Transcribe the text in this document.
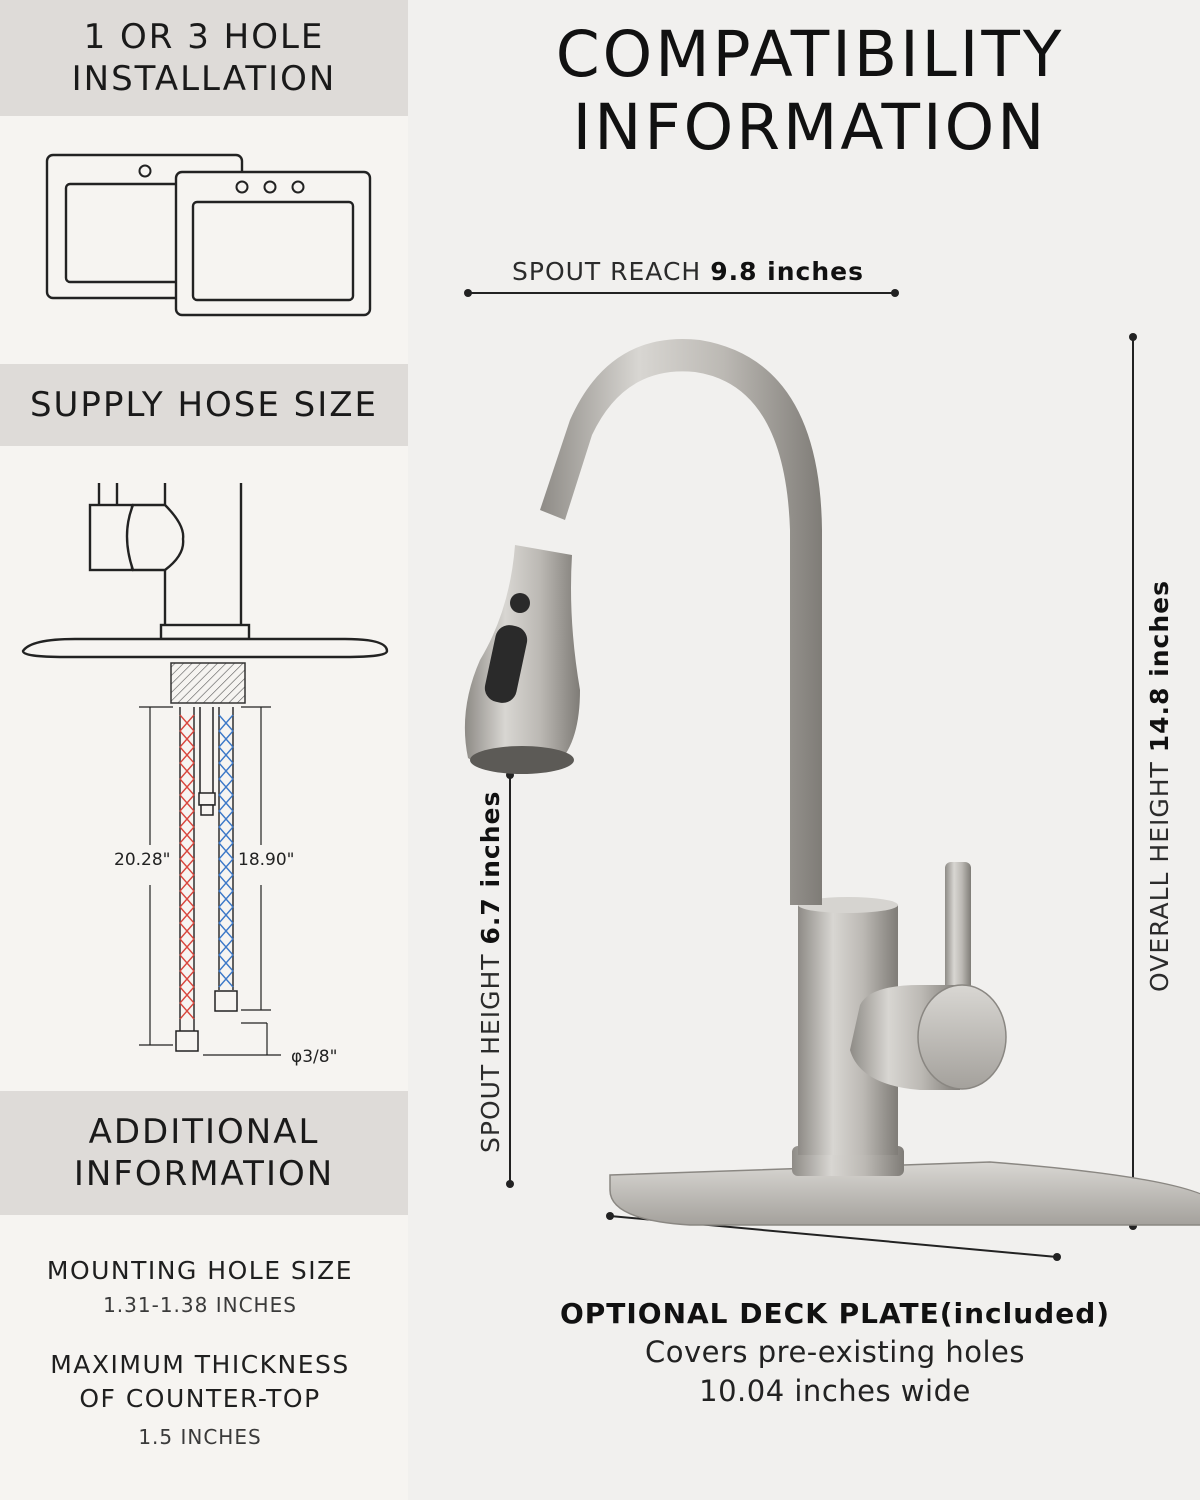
1 OR 3 HOLE
INSTALLATION
SUPPLY HOSE SIZE
20.28"	18.90"
φ3/8"
ADDITIONAL
INFORMATION
MOUNTING HOLE SIZE
1.31-1.38 INCHES
MAXIMUM THICKNESS
OF COUNTER-TOP
1.5 INCHES
COMPATIBILITY
INFORMATION
SPOUT REACH 9.8 inches
SPOUT HEIGHT 6.7 inches	OVERALL HEIGHT 14.8 inches
OPTIONAL DECK PLATE(included)
Covers pre-existing holes
10.04 inches wide
